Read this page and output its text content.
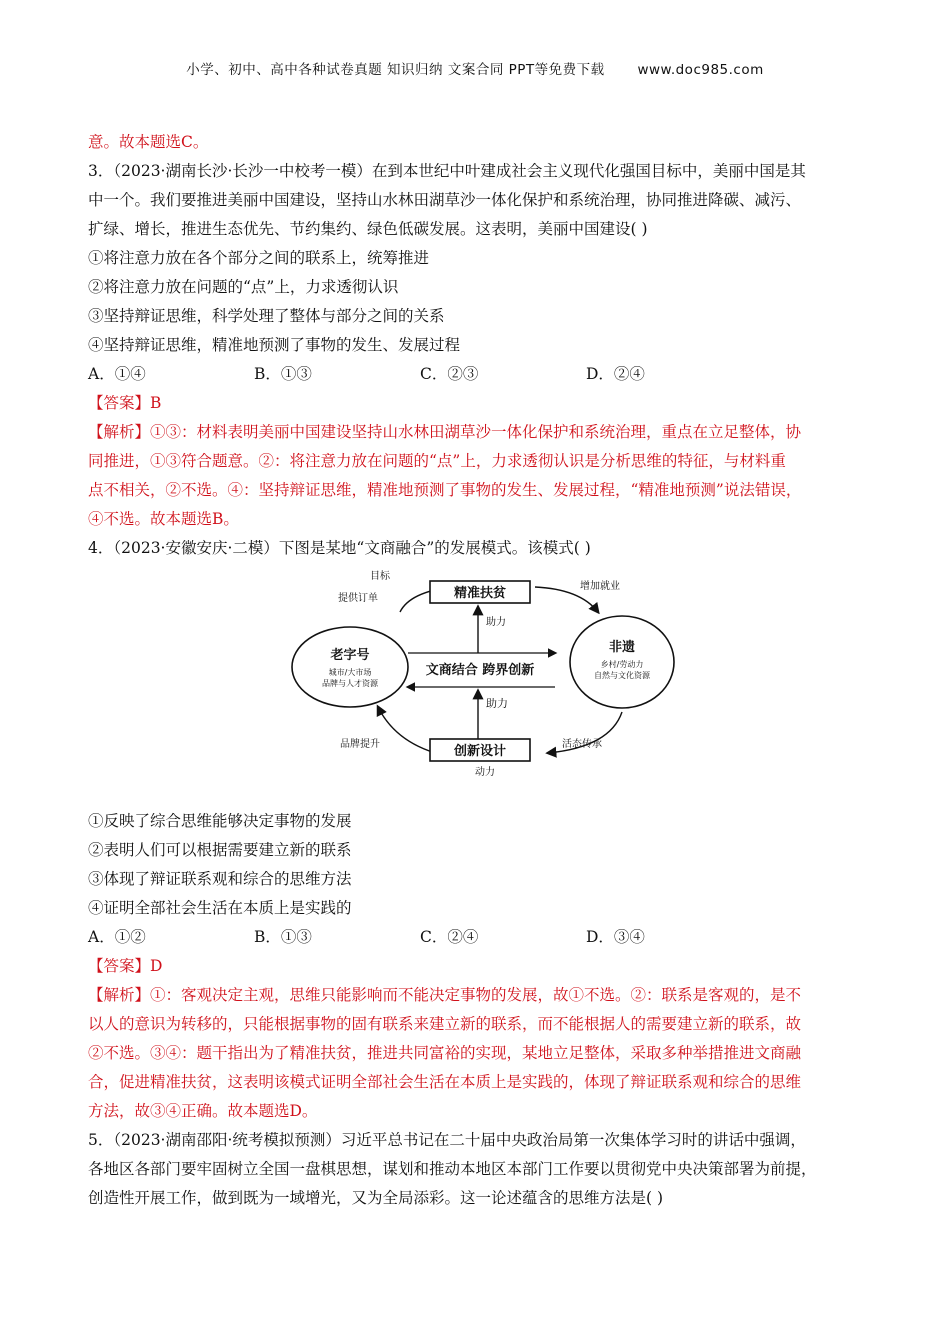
小学、初中、高中各种试卷真题 知识归纳 文案合同 PPT等免费下载 www.doc985.com
意。故本题选C。
3．（2023·湖南长沙·长沙一中校考一模）在到本世纪中叶建成社会主义现代化强国目标中，美丽中国是其
中一个。我们要推进美丽中国建设，坚持山水林田湖草沙一体化保护和系统治理，协同推进降碳、减污、
扩绿、增长，推进生态优先、节约集约、绿色低碳发展。这表明，美丽中国建设( )
①将注意力放在各个部分之间的联系上，统筹推进
②将注意力放在问题的“点”上，力求透彻认识
③坚持辩证思维，科学处理了整体与部分之间的关系
④坚持辩证思维，精准地预测了事物的发生、发展过程
A．①④	B．①③	C．②③	D．②④
【答案】B
【解析】①③：材料表明美丽中国建设坚持山水林田湖草沙一体化保护和系统治理，重点在立足整体，协
同推进，①③符合题意。②：将注意力放在问题的“点”上，力求透彻认识是分析思维的特征，与材料重
点不相关，②不选。④：坚持辩证思维，精准地预测了事物的发生、发展过程，“精准地预测”说法错误，
④不选。故本题选B。
4．（2023·安徽安庆·二模）下图是某地“文商融合”的发展模式。该模式( )
目标
精准扶贫
提供订单
增加就业
助力
文商结合 跨界创新
老字号
城市/大市场
品牌与人才资源
非遗
乡村/劳动力
自然与文化资源
助力
创新设计
动力
品牌提升	活态传承
①反映了综合思维能够决定事物的发展
②表明人们可以根据需要建立新的联系
③体现了辩证联系观和综合的思维方法
④证明全部社会生活在本质上是实践的
A．①②	B．①③	C．②④	D．③④
【答案】D
【解析】①：客观决定主观，思维只能影响而不能决定事物的发展，故①不选。②：联系是客观的，是不
以人的意识为转移的，只能根据事物的固有联系来建立新的联系，而不能根据人的需要建立新的联系，故
②不选。③④：题干指出为了精准扶贫，推进共同富裕的实现，某地立足整体，采取多种举措推进文商融
合，促进精准扶贫，这表明该模式证明全部社会生活在本质上是实践的，体现了辩证联系观和综合的思维
方法，故③④正确。故本题选D。
5．（2023·湖南邵阳·统考模拟预测）习近平总书记在二十届中央政治局第一次集体学习时的讲话中强调，
各地区各部门要牢固树立全国一盘棋思想，谋划和推动本地区本部门工作要以贯彻党中央决策部署为前提，
创造性开展工作，做到既为一域增光，又为全局添彩。这一论述蕴含的思维方法是( )
